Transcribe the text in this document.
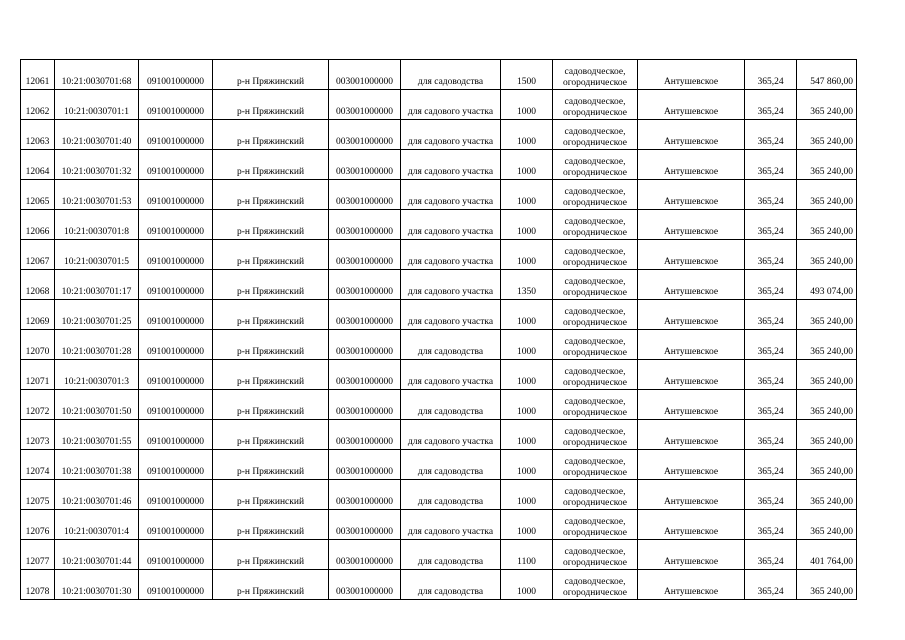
12061	10:21:0030701:68	091001000000	р-н Пряжинский	003001000000	для садоводства	1500	садоводческое, огородническое	Антушевское	365,24	547 860,00
12062	10:21:0030701:1	091001000000	р-н Пряжинский	003001000000	для садового участка	1000	садоводческое, огородническое	Антушевское	365,24	365 240,00
12063	10:21:0030701:40	091001000000	р-н Пряжинский	003001000000	для садового участка	1000	садоводческое, огородническое	Антушевское	365,24	365 240,00
12064	10:21:0030701:32	091001000000	р-н Пряжинский	003001000000	для садового участка	1000	садоводческое, огородническое	Антушевское	365,24	365 240,00
12065	10:21:0030701:53	091001000000	р-н Пряжинский	003001000000	для садового участка	1000	садоводческое, огородническое	Антушевское	365,24	365 240,00
12066	10:21:0030701:8	091001000000	р-н Пряжинский	003001000000	для садового участка	1000	садоводческое, огородническое	Антушевское	365,24	365 240,00
12067	10:21:0030701:5	091001000000	р-н Пряжинский	003001000000	для садового участка	1000	садоводческое, огородническое	Антушевское	365,24	365 240,00
12068	10:21:0030701:17	091001000000	р-н Пряжинский	003001000000	для садового участка	1350	садоводческое, огородническое	Антушевское	365,24	493 074,00
12069	10:21:0030701:25	091001000000	р-н Пряжинский	003001000000	для садового участка	1000	садоводческое, огородническое	Антушевское	365,24	365 240,00
12070	10:21:0030701:28	091001000000	р-н Пряжинский	003001000000	для садоводства	1000	садоводческое, огородническое	Антушевское	365,24	365 240,00
12071	10:21:0030701:3	091001000000	р-н Пряжинский	003001000000	для садового участка	1000	садоводческое, огородническое	Антушевское	365,24	365 240,00
12072	10:21:0030701:50	091001000000	р-н Пряжинский	003001000000	для садоводства	1000	садоводческое, огородническое	Антушевское	365,24	365 240,00
12073	10:21:0030701:55	091001000000	р-н Пряжинский	003001000000	для садового участка	1000	садоводческое, огородническое	Антушевское	365,24	365 240,00
12074	10:21:0030701:38	091001000000	р-н Пряжинский	003001000000	для садоводства	1000	садоводческое, огородническое	Антушевское	365,24	365 240,00
12075	10:21:0030701:46	091001000000	р-н Пряжинский	003001000000	для садоводства	1000	садоводческое, огородническое	Антушевское	365,24	365 240,00
12076	10:21:0030701:4	091001000000	р-н Пряжинский	003001000000	для садового участка	1000	садоводческое, огородническое	Антушевское	365,24	365 240,00
12077	10:21:0030701:44	091001000000	р-н Пряжинский	003001000000	для садоводства	1100	садоводческое, огородническое	Антушевское	365,24	401 764,00
12078	10:21:0030701:30	091001000000	р-н Пряжинский	003001000000	для садоводства	1000	садоводческое, огородническое	Антушевское	365,24	365 240,00
